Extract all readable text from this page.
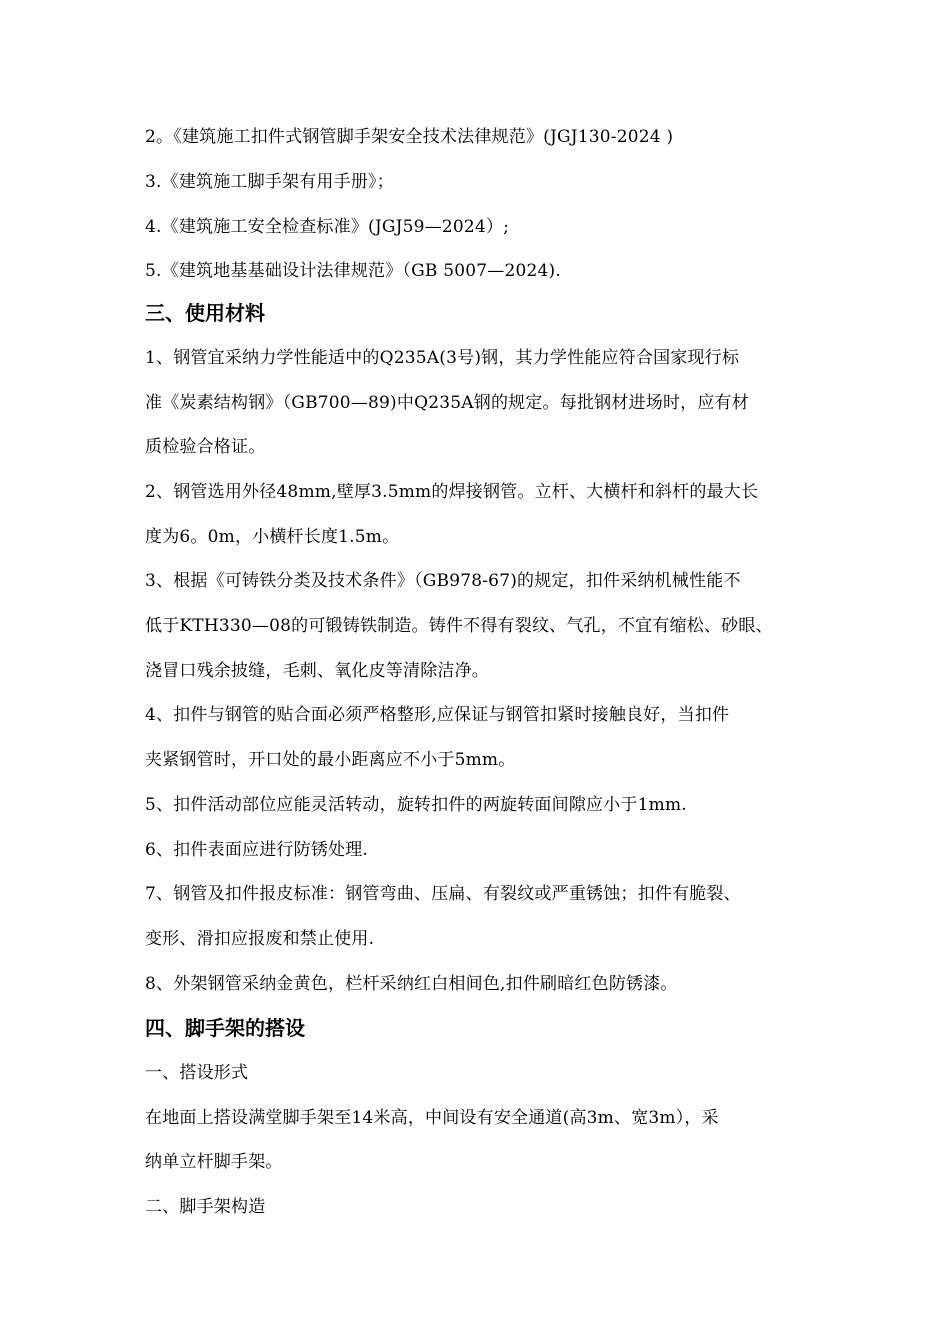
2。《建筑施工扣件式钢管脚手架安全技术法律规范》(JGJ130-2024 )
3.《建筑施工脚手架有用手册》；
4.《建筑施工安全检查标准》(JGJ59—2024）;
5.《建筑地基基础设计法律规范》（GB 5007—2024).
三、使用材料
1、钢管宜采纳力学性能适中的Q235A(3号)钢，其力学性能应符合国家现行标
准《炭素结构钢》（GB700—89)中Q235A钢的规定。每批钢材进场时，应有材
质检验合格证。
2、钢管选用外径48mm,壁厚3.5mm的焊接钢管。立杆、大横杆和斜杆的最大长
度为6。0m，小横杆长度1.5m。
3、根据《可铸铁分类及技术条件》（GB978-67)的规定，扣件采纳机械性能不
低于KTH330—08的可锻铸铁制造。铸件不得有裂纹、气孔，不宜有缩松、砂眼、
浇冒口残余披缝，毛刺、氧化皮等清除洁净。
4、扣件与钢管的贴合面必须严格整形,应保证与钢管扣紧时接触良好，当扣件
夹紧钢管时，开口处的最小距离应不小于5mm。
5、扣件活动部位应能灵活转动，旋转扣件的两旋转面间隙应小于1mm.
6、扣件表面应进行防锈处理.
7、钢管及扣件报皮标准：钢管弯曲、压扁、有裂纹或严重锈蚀；扣件有脆裂、
变形、滑扣应报废和禁止使用.
8、外架钢管采纳金黄色，栏杆采纳红白相间色,扣件刷暗红色防锈漆。
四、脚手架的搭设
一、搭设形式
在地面上搭设满堂脚手架至14米高，中间设有安全通道(高3m、宽3m），采
纳单立杆脚手架。
二、脚手架构造
